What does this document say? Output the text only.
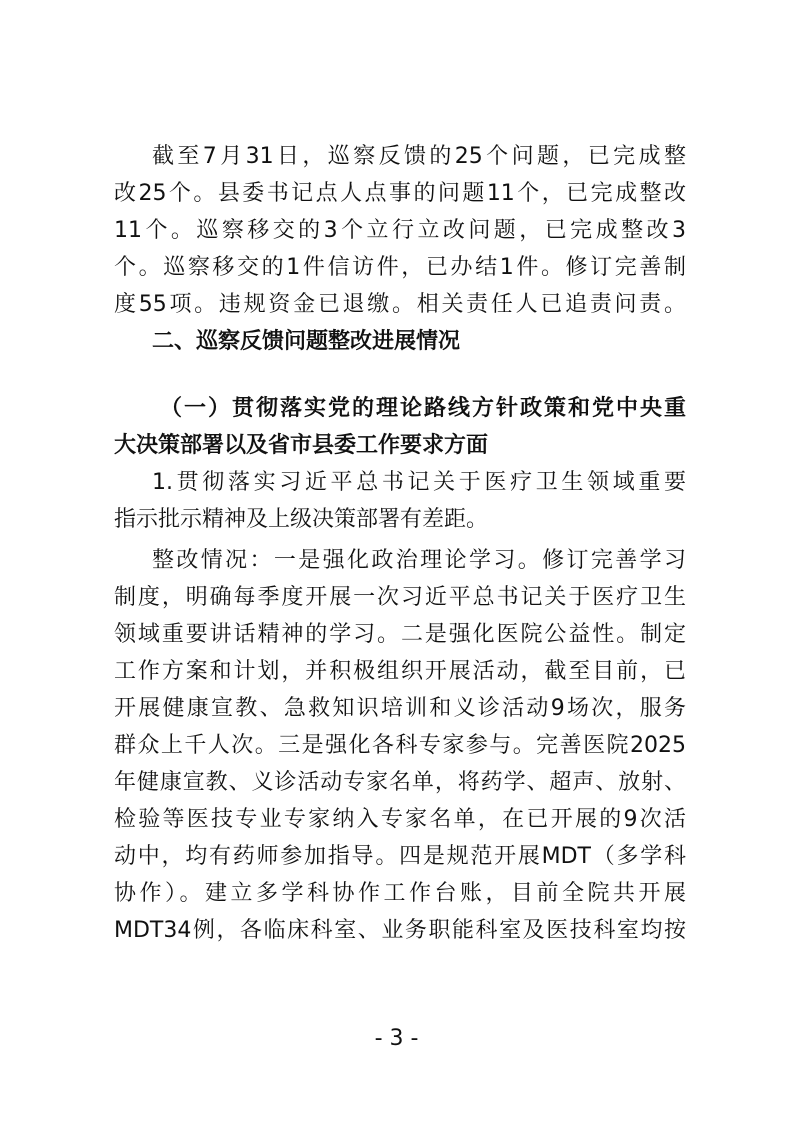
截至7月31日，巡察反馈的25个问题，已完成整
改25个。县委书记点人点事的问题11个，已完成整改
11个。巡察移交的3个立行立改问题，已完成整改3
个。巡察移交的1件信访件，已办结1件。修订完善制
度55项。违规资金已退缴。相关责任人已追责问责。
二、巡察反馈问题整改进展情况
（一）贯彻落实党的理论路线方针政策和党中央重
大决策部署以及省市县委工作要求方面
1.贯彻落实习近平总书记关于医疗卫生领域重要
指示批示精神及上级决策部署有差距。
整改情况：一是强化政治理论学习。修订完善学习
制度，明确每季度开展一次习近平总书记关于医疗卫生
领域重要讲话精神的学习。二是强化医院公益性。制定
工作方案和计划，并积极组织开展活动，截至目前，已
开展健康宣教、急救知识培训和义诊活动9场次，服务
群众上千人次。三是强化各科专家参与。完善医院2025
年健康宣教、义诊活动专家名单，将药学、超声、放射、
检验等医技专业专家纳入专家名单，在已开展的9次活
动中，均有药师参加指导。四是规范开展MDT（多学科
协作）。建立多学科协作工作台账，目前全院共开展
MDT34例，各临床科室、业务职能科室及医技科室均按
- 3 -
